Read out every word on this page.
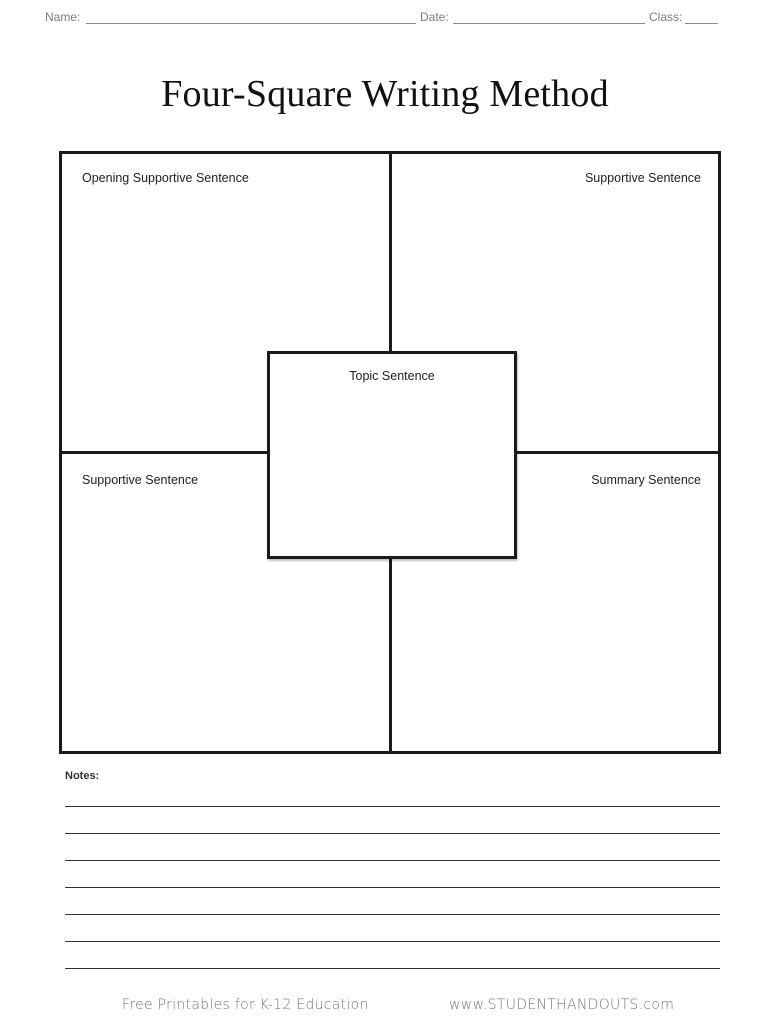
Name:	Date:	Class:
Four-Square Writing Method
Opening Supportive Sentence	Supportive Sentence
Supportive Sentence	Summary Sentence
Topic Sentence
Notes:
Free Printables for K-12 Education	www.STUDENTHANDOUTS.com
